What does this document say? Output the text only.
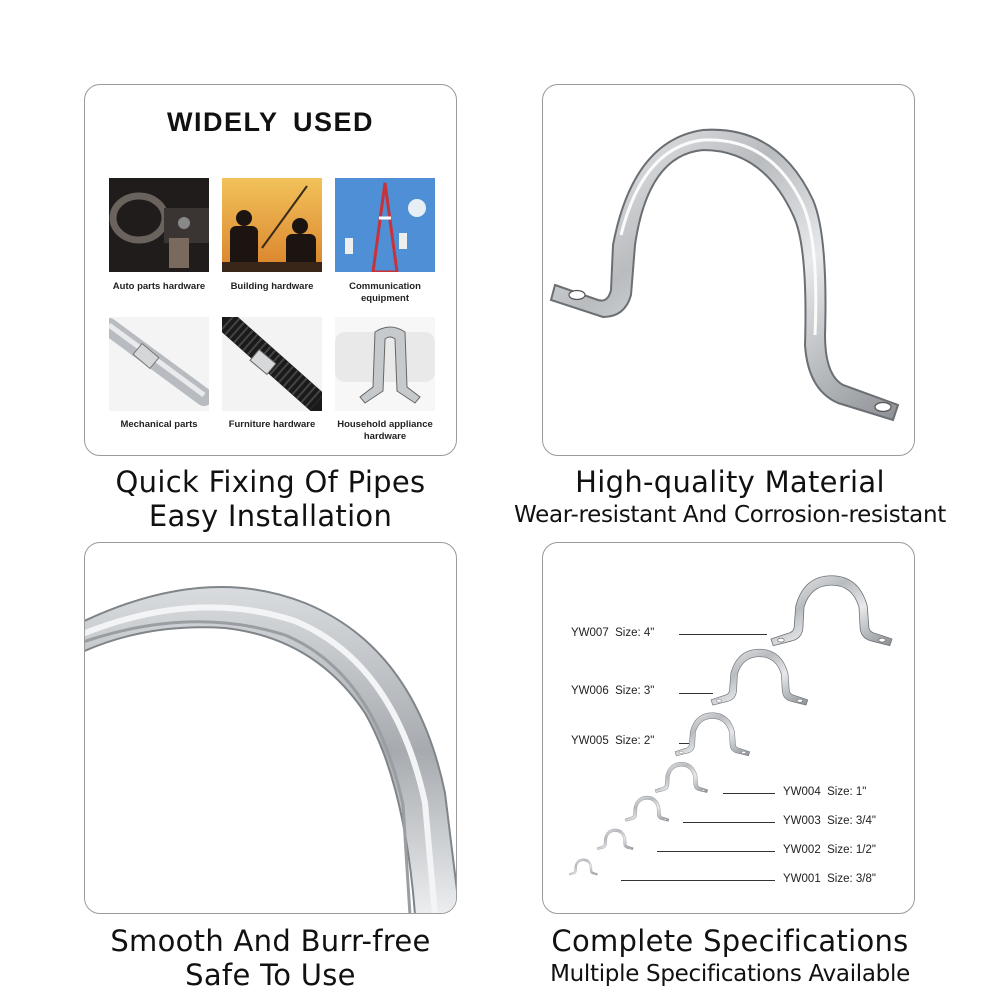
WIDELY USED
Auto parts hardware	Building hardware	Communication equipment
Mechanical parts	Furniture hardware	Household appliance hardware
YW007 Size: 4"
YW006 Size: 3"
YW005 Size: 2"
YW004 Size: 1"
YW003 Size: 3/4"
YW002 Size: 1/2"
YW001 Size: 3/8"
Quick Fixing Of Pipes
Easy Installation
High-quality Material
Wear-resistant And Corrosion-resistant
Smooth And Burr-free
Safe To Use
Complete Specifications
Multiple Specifications Available
